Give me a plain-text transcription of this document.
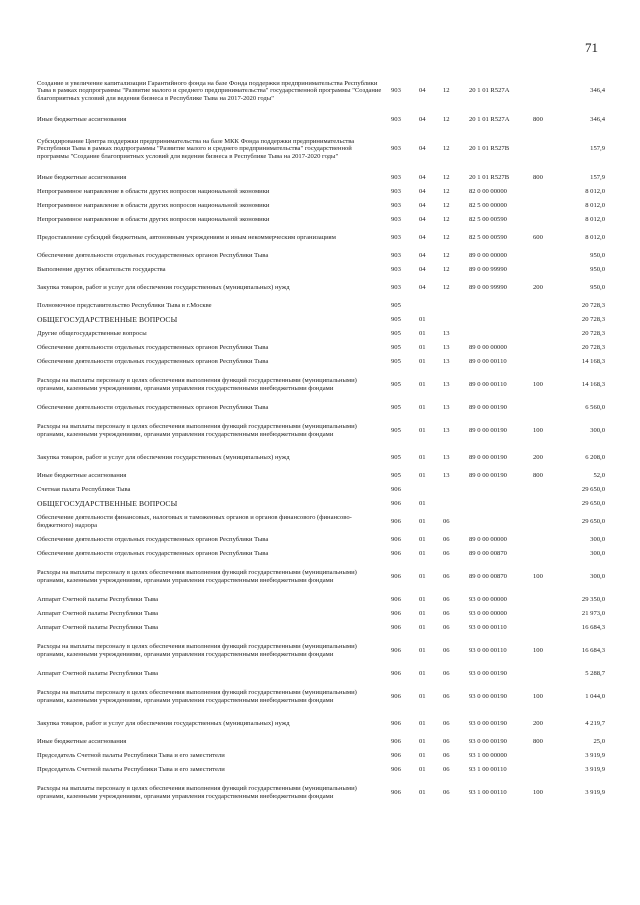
71
Создание и увеличение капитализации Гарантийного фонда на базе Фонда поддержки предпринимательства Республики Тыва в рамках подпрограммы "Развитие малого и среднего предпринимательства" государственной программы "Создание благоприятных условий для ведения бизнеса в Республике Тыва на 2017-2020 годы"	903	04	12	20 1 01 R527A		346,4
Иные бюджетные ассигнования	903	04	12	20 1 01 R527A	800	346,4
Субсидирование Центра поддержки предпринимательства на базе МКК Фонда поддержки предпринимательства Республики Тыва в рамках подпрограммы "Развитие малого и среднего предпринимательства" государственной программы "Создание благоприятных условий для ведения бизнеса в Республике Тыва на 2017-2020 годы"	903	04	12	20 1 01 R527B		157,9
Иные бюджетные ассигнования	903	04	12	20 1 01 R527B	800	157,9
Непрограммное направление в области других вопросов национальной экономики	903	04	12	82 0 00 00000		8 012,0
Непрограммное направление в области других вопросов национальной экономики	903	04	12	82 5 00 00000		8 012,0
Непрограммное направление в области других вопросов национальной экономики	903	04	12	82 5 00 00590		8 012,0
Предоставление субсидий бюджетным, автономным учреждениям и иным некоммерческим организациям	903	04	12	82 5 00 00590	600	8 012,0
Обеспечение деятельности отдельных государственных органов Республики Тыва	903	04	12	89 0 00 00000		950,0
Выполнение других обязательств государства	903	04	12	89 0 00 99990		950,0
Закупка товаров, работ и услуг для обеспечения государственных (муниципальных) нужд	903	04	12	89 0 00 99990	200	950,0
Полномочное представительство Республики Тыва в г.Москве	905					20 728,3
ОБЩЕГОСУДАРСТВЕННЫЕ ВОПРОСЫ	905	01				20 728,3
Другие общегосударственные вопросы	905	01	13			20 728,3
Обеспечение деятельности отдельных государственных органов Республики Тыва	905	01	13	89 0 00 00000		20 728,3
Обеспечение деятельности отдельных государственных органов Республики Тыва	905	01	13	89 0 00 00110		14 168,3
Расходы на выплаты персоналу в целях обеспечения выполнения функций государственными (муниципальными) органами, казенными учреждениями, органами управления государственными внебюджетными фондами	905	01	13	89 0 00 00110	100	14 168,3
Обеспечение деятельности отдельных государственных органов Республики Тыва	905	01	13	89 0 00 00190		6 560,0
Расходы на выплаты персоналу в целях обеспечения выполнения функций государственными (муниципальными) органами, казенными учреждениями, органами управления государственными внебюджетными фондами	905	01	13	89 0 00 00190	100	300,0
Закупка товаров, работ и услуг для обеспечения государственных (муниципальных) нужд	905	01	13	89 0 00 00190	200	6 208,0
Иные бюджетные ассигнования	905	01	13	89 0 00 00190	800	52,0
Счетная палата Республики Тыва	906					29 650,0
ОБЩЕГОСУДАРСТВЕННЫЕ ВОПРОСЫ	906	01				29 650,0
Обеспечение деятельности финансовых, налоговых и таможенных органов и органов финансового (финансово-бюджетного) надзора	906	01	06			29 650,0
Обеспечение деятельности отдельных государственных органов Республики Тыва	906	01	06	89 0 00 00000		300,0
Обеспечение деятельности отдельных государственных органов Республики Тыва	906	01	06	89 0 00 00870		300,0
Расходы на выплаты персоналу в целях обеспечения выполнения функций государственными (муниципальными) органами, казенными учреждениями, органами управления государственными внебюджетными фондами	906	01	06	89 0 00 00870	100	300,0
Аппарат Счетной палаты Республики Тыва	906	01	06	93 0 00 00000		29 350,0
Аппарат Счетной палаты Республики Тыва	906	01	06	93 0 00 00000		21 973,0
Аппарат Счетной палаты Республики Тыва	906	01	06	93 0 00 00110		16 684,3
Расходы на выплаты персоналу в целях обеспечения выполнения функций государственными (муниципальными) органами, казенными учреждениями, органами управления государственными внебюджетными фондами	906	01	06	93 0 00 00110	100	16 684,3
Аппарат Счетной палаты Республики Тыва	906	01	06	93 0 00 00190		5 288,7
Расходы на выплаты персоналу в целях обеспечения выполнения функций государственными (муниципальными) органами, казенными учреждениями, органами управления государственными внебюджетными фондами	906	01	06	93 0 00 00190	100	1 044,0
Закупка товаров, работ и услуг для обеспечения государственных (муниципальных) нужд	906	01	06	93 0 00 00190	200	4 219,7
Иные бюджетные ассигнования	906	01	06	93 0 00 00190	800	25,0
Председатель Счетной палаты Республики Тыва и его заместители	906	01	06	93 1 00 00000		3 919,9
Председатель Счетной палаты Республики Тыва и его заместители	906	01	06	93 1 00 00110		3 919,9
Расходы на выплаты персоналу в целях обеспечения выполнения функций государственными (муниципальными) органами, казенными учреждениями, органами управления государственными внебюджетными фондами	906	01	06	93 1 00 00110	100	3 919,9
